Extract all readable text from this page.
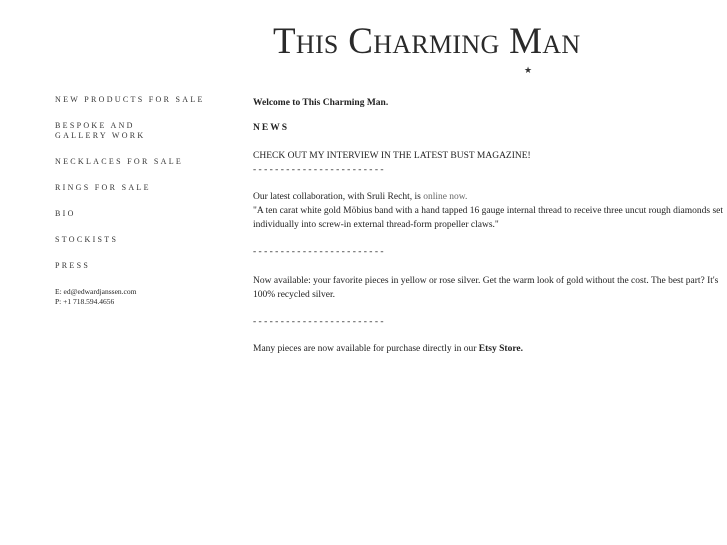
This Charming Man
★
NEW PRODUCTS FOR SALE
BESPOKE AND GALLERY WORK
NECKLACES FOR SALE
RINGS FOR SALE
BIO
STOCKISTS
PRESS
E: ed@edwardjanssen.com
P: +1 718.594.4656
Welcome to This Charming Man.
NEWS
CHECK OUT MY INTERVIEW IN THE LATEST BUST MAGAZINE!
- - - - - - - - - - - - - - - - - - - - - - - -
Our latest collaboration, with Sruli Recht, is online now.
"A ten carat white gold Möbius band with a hand tapped 16 gauge internal thread to receive three uncut rough diamonds set
individually into screw-in external thread-form propeller claws."
- - - - - - - - - - - - - - - - - - - - - - - -
Now available: your favorite pieces in yellow or rose silver. Get the warm look of gold without the cost. The best part? It's
100% recycled silver.
- - - - - - - - - - - - - - - - - - - - - - - -
Many pieces are now available for purchase directly in our Etsy Store.
